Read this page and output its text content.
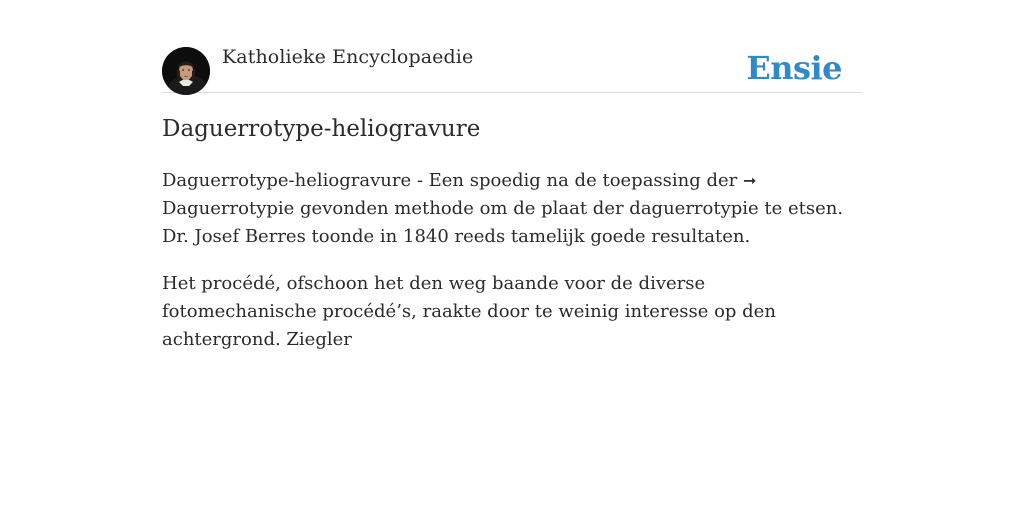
Katholieke Encyclopaedie	Ensie
Daguerrotype-heliogravure

Daguerrotype-heliogravure - Een spoedig na de toepassing der ➞ Daguerrotypie gevonden methode om de plaat der daguerrotypie te etsen. Dr. Josef Berres toonde in 1840 reeds tamelijk goede resultaten.

Het procédé, ofschoon het den weg baande voor de diverse fotomechanische procédé’s, raakte door te weinig interesse op den achtergrond. Ziegler
